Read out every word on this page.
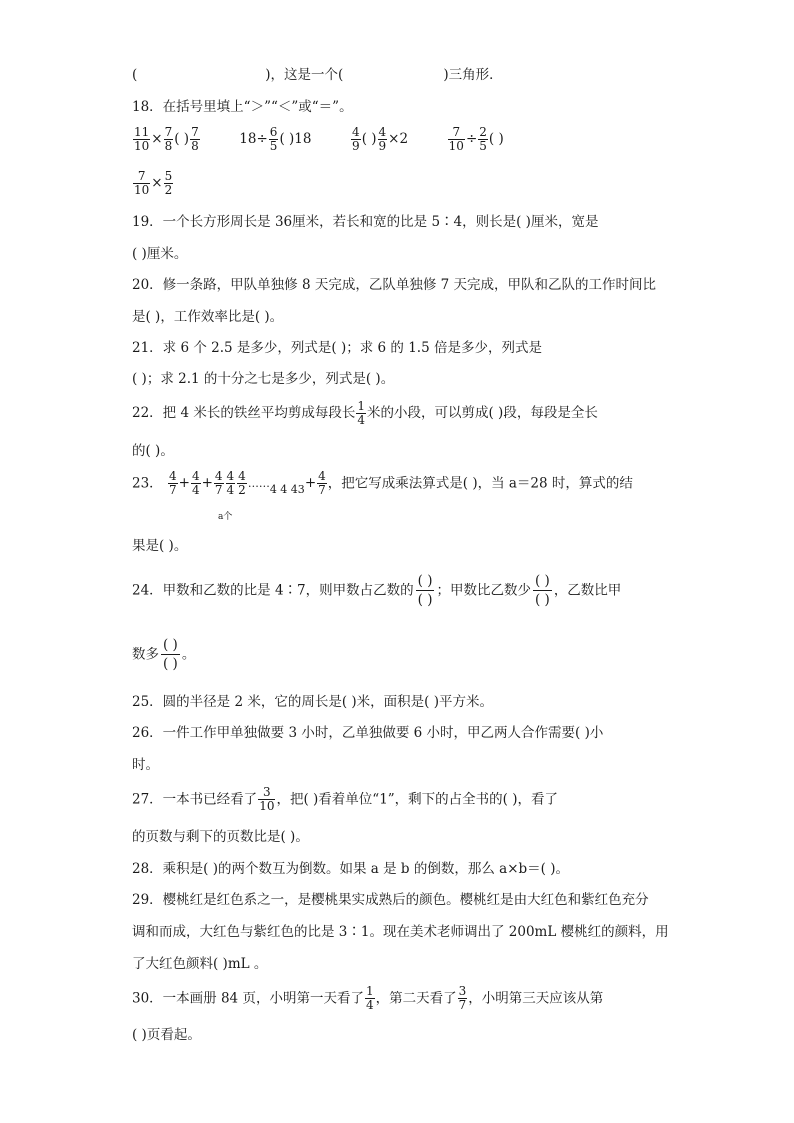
(	)，这是一个(	)三角形．
18．在括号里填上“＞”“＜”或“＝”。
$\frac{11}{10} \times \frac{7}{8}$ ( ) $\frac{7}{8}$	$18\div \frac{6}{5}$ ( )18	$\frac{4}{9}$ ( ) $\frac{4}{9} \times 2$	$\frac{7}{10} \div \frac{2}{5}$ ( )
$\frac{7}{10} \times \frac{5}{2}$
19．一个长方形周长是 36厘米，若长和宽的比是 5∶4，则长是( )厘米，宽是
( )厘米。
20．修一条路，甲队单独修 8 天完成，乙队单独修 7 天完成，甲队和乙队的工作时间比
是( )，工作效率比是( )。
21．求 6 个 2.5 是多少，列式是( )；求 6 的 1.5 倍是多少，列式是
( )；求 2.1 的十分之七是多少，列式是( )。
22．把 4 米长的铁丝平均剪成每段长 $\frac{1}{4}$ 米的小段，可以剪成( )段，每段是全长
的( )。
23． $\frac{4}{7} + \frac{4}{4} + \frac{4}{7} \frac{4}{4} \frac{4}{2}$ $\dots\dots_{4 4 43}+ \frac{4}{7}$ ，把它写成乘法算式是( )，当 a＝28 时，算式的结
a个
果是( )。
24．甲数和乙数的比是 4∶7，则甲数占乙数的
( )
( )
；甲数比乙数少
( )
( )
，乙数比甲
数多
( )
( )
。
25．圆的半径是 2 米，它的周长是( )米，面积是( )平方米。
26．一件工作甲单独做要 3 小时，乙单独做要 6 小时，甲乙两人合作需要( )小
时。
27．一本书已经看了 $\frac{3}{10}$ ，把( )看着单位“1”，剩下的占全书的( )，看了
的页数与剩下的页数比是( )。
28．乘积是( )的两个数互为倒数。如果 a 是 b 的倒数，那么 a×b＝( )。
29．樱桃红是红色系之一，是樱桃果实成熟后的颜色。樱桃红是由大红色和紫红色充分
调和而成，大红色与紫红色的比是 3∶1。现在美术老师调出了 200mL 樱桃红的颜料，用
了大红色颜料( )mL 。
30．一本画册 84 页，小明第一天看了 $\frac{1}{4}$ ，第二天看了 $\frac{3}{7}$ ，小明第三天应该从第
( )页看起。
